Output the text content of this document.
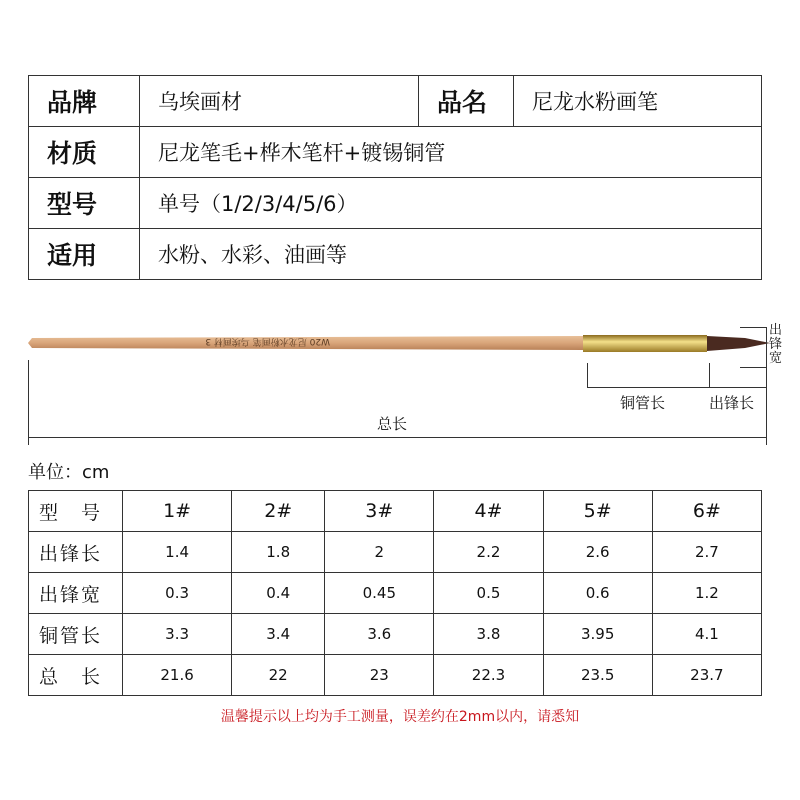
品牌	乌埃画材	品名	尼龙水粉画笔
材质	尼龙笔毛+桦木笔杆+镀锡铜管		
型号	单号（1/2/3/4/5/6）		
适用	水粉、水彩、油画等		
W20 尼龙水粉画笔 乌埃画材 3
出锋宽
铜管长	出锋长
总长
单位：cm
型　号	1#	2#	3#	4#	5#	6#
出锋长	1.4	1.8	2	2.2	2.6	2.7
出锋宽	0.3	0.4	0.45	0.5	0.6	1.2
铜管长	3.3	3.4	3.6	3.8	3.95	4.1
总　长	21.6	22	23	22.3	23.5	23.7
温馨提示以上均为手工测量，误差约在2mm以内，请悉知
